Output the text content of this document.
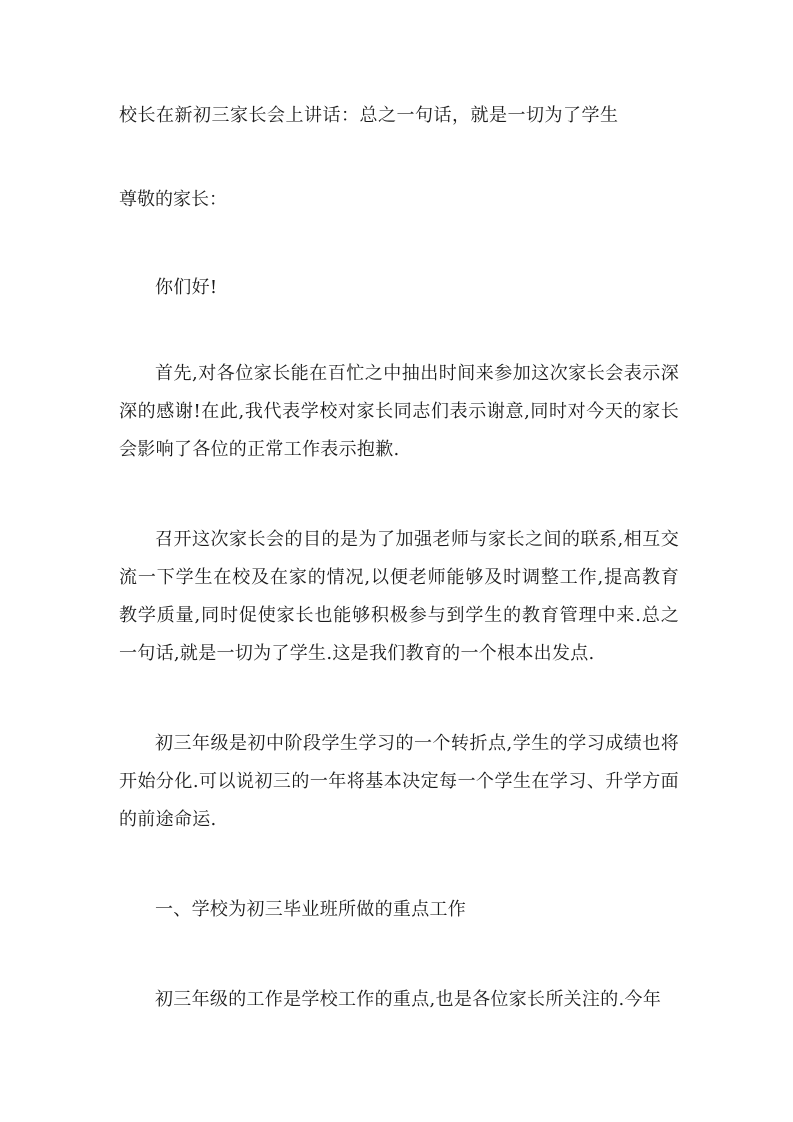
校长在新初三家长会上讲话：总之一句话，就是一切为了学生

尊敬的家长：

你们好!

首先,对各位家长能在百忙之中抽出时间来参加这次家长会表示深深的感谢!在此,我代表学校对家长同志们表示谢意,同时对今天的家长会影响了各位的正常工作表示抱歉.

召开这次家长会的目的是为了加强老师与家长之间的联系,相互交流一下学生在校及在家的情况,以便老师能够及时调整工作,提高教育教学质量,同时促使家长也能够积极参与到学生的教育管理中来.总之一句话,就是一切为了学生.这是我们教育的一个根本出发点.

初三年级是初中阶段学生学习的一个转折点,学生的学习成绩也将开始分化.可以说初三的一年将基本决定每一个学生在学习、升学方面的前途命运.

一、学校为初三毕业班所做的重点工作

初三年级的工作是学校工作的重点,也是各位家长所关注的.今年
